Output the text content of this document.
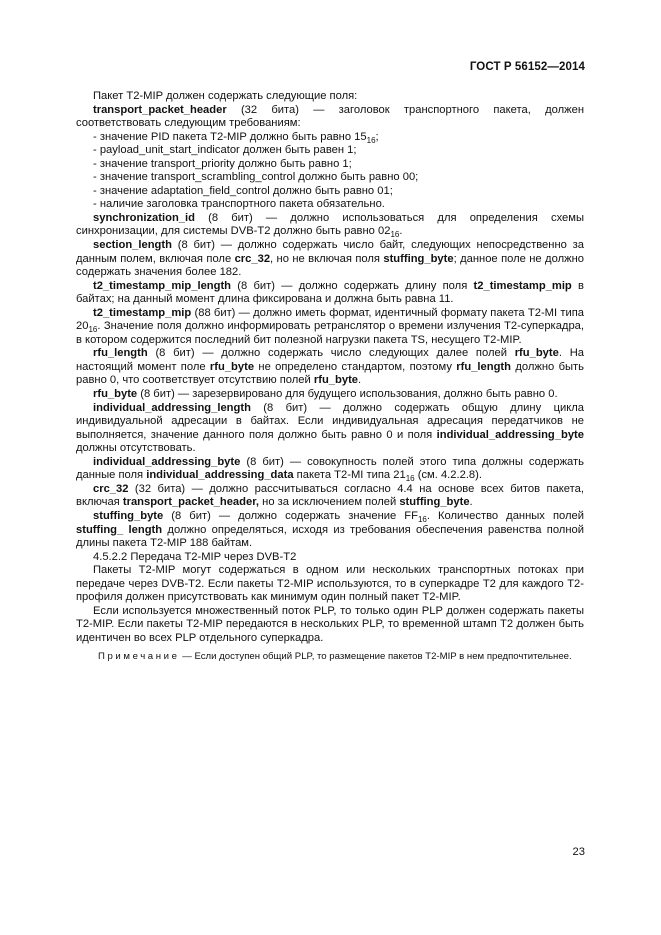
ГОСТ Р 56152—2014

Пакет T2-MIP должен содержать следующие поля:

transport_packet_header (32 бита) — заголовок транспортного пакета, должен соответствовать следующим требованиям:

- значение PID пакета T2-MIP должно быть равно $15_{16}$;

- payload_unit_start_indicator должен быть равен 1;

- значение transport_priority должно быть равно 1;

- значение transport_scrambling_control должно быть равно 00;

- значение adaptation_field_control должно быть равно 01;

- наличие заголовка транспортного пакета обязательно.

synchronization_id (8 бит) — должно использоваться для определения схемы синхронизации, для системы DVB-T2 должно быть равно $02_{16}$.

section_length (8 бит) — должно содержать число байт, следующих непосредственно за данным полем, включая поле crc_32, но не включая поля stuffing_byte; данное поле не должно содержать значения более 182.

t2_timestamp_mip_length (8 бит) — должно содержать длину поля t2_timestamp_mip в байтах; на данный момент длина фиксирована и должна быть равна 11.

t2_timestamp_mip (88 бит) — должно иметь формат, идентичный формату пакета T2-MI типа $20_{16}$. Значение поля должно информировать ретранслятор о времени излучения T2-суперкадра, в котором содержится последний бит полезной нагрузки пакета TS, несущего T2-MIP.

rfu_length (8 бит) — должно содержать число следующих далее полей rfu_byte. На настоящий момент поле rfu_byte не определено стандартом, поэтому rfu_length должно быть равно 0, что соответствует отсутствию полей rfu_byte.

rfu_byte (8 бит) — зарезервировано для будущего использования, должно быть равно 0.

individual_addressing_length (8 бит) — должно содержать общую длину цикла индивидуальной адресации в байтах. Если индивидуальная адресация передатчиков не выполняется, значение данного поля должно быть равно 0 и поля individual_addressing_byte должны отсутствовать.

individual_addressing_byte (8 бит) — совокупность полей этого типа должны содержать данные поля individual_addressing_data пакета T2-MI типа $21_{16}$ (см. 4.2.2.8).

crc_32 (32 бита) — должно рассчитываться согласно 4.4 на основе всех битов пакета, включая transport_packet_header, но за исключением полей stuffing_byte.

stuffing_byte (8 бит) — должно содержать значение $FF_{16}$. Количество данных полей stuffing_ length должно определяться, исходя из требования обеспечения равенства полной длины пакета T2-MIP 188 байтам.

4.5.2.2 Передача T2-MIP через DVB-T2

Пакеты T2-MIP могут содержаться в одном или нескольких транспортных потоках при передаче через DVB-T2. Если пакеты T2-MIP используются, то в суперкадре T2 для каждого T2-профиля должен присутствовать как минимум один полный пакет T2-MIP.

Если используется множественный поток PLP, то только один PLP должен содержать пакеты T2-MIP. Если пакеты T2-MIP передаются в нескольких PLP, то временной штамп T2 должен быть идентичен во всех PLP отдельного суперкадра.

Примечание — Если доступен общий PLP, то размещение пакетов T2-MIP в нем предпочтительнее.

23
